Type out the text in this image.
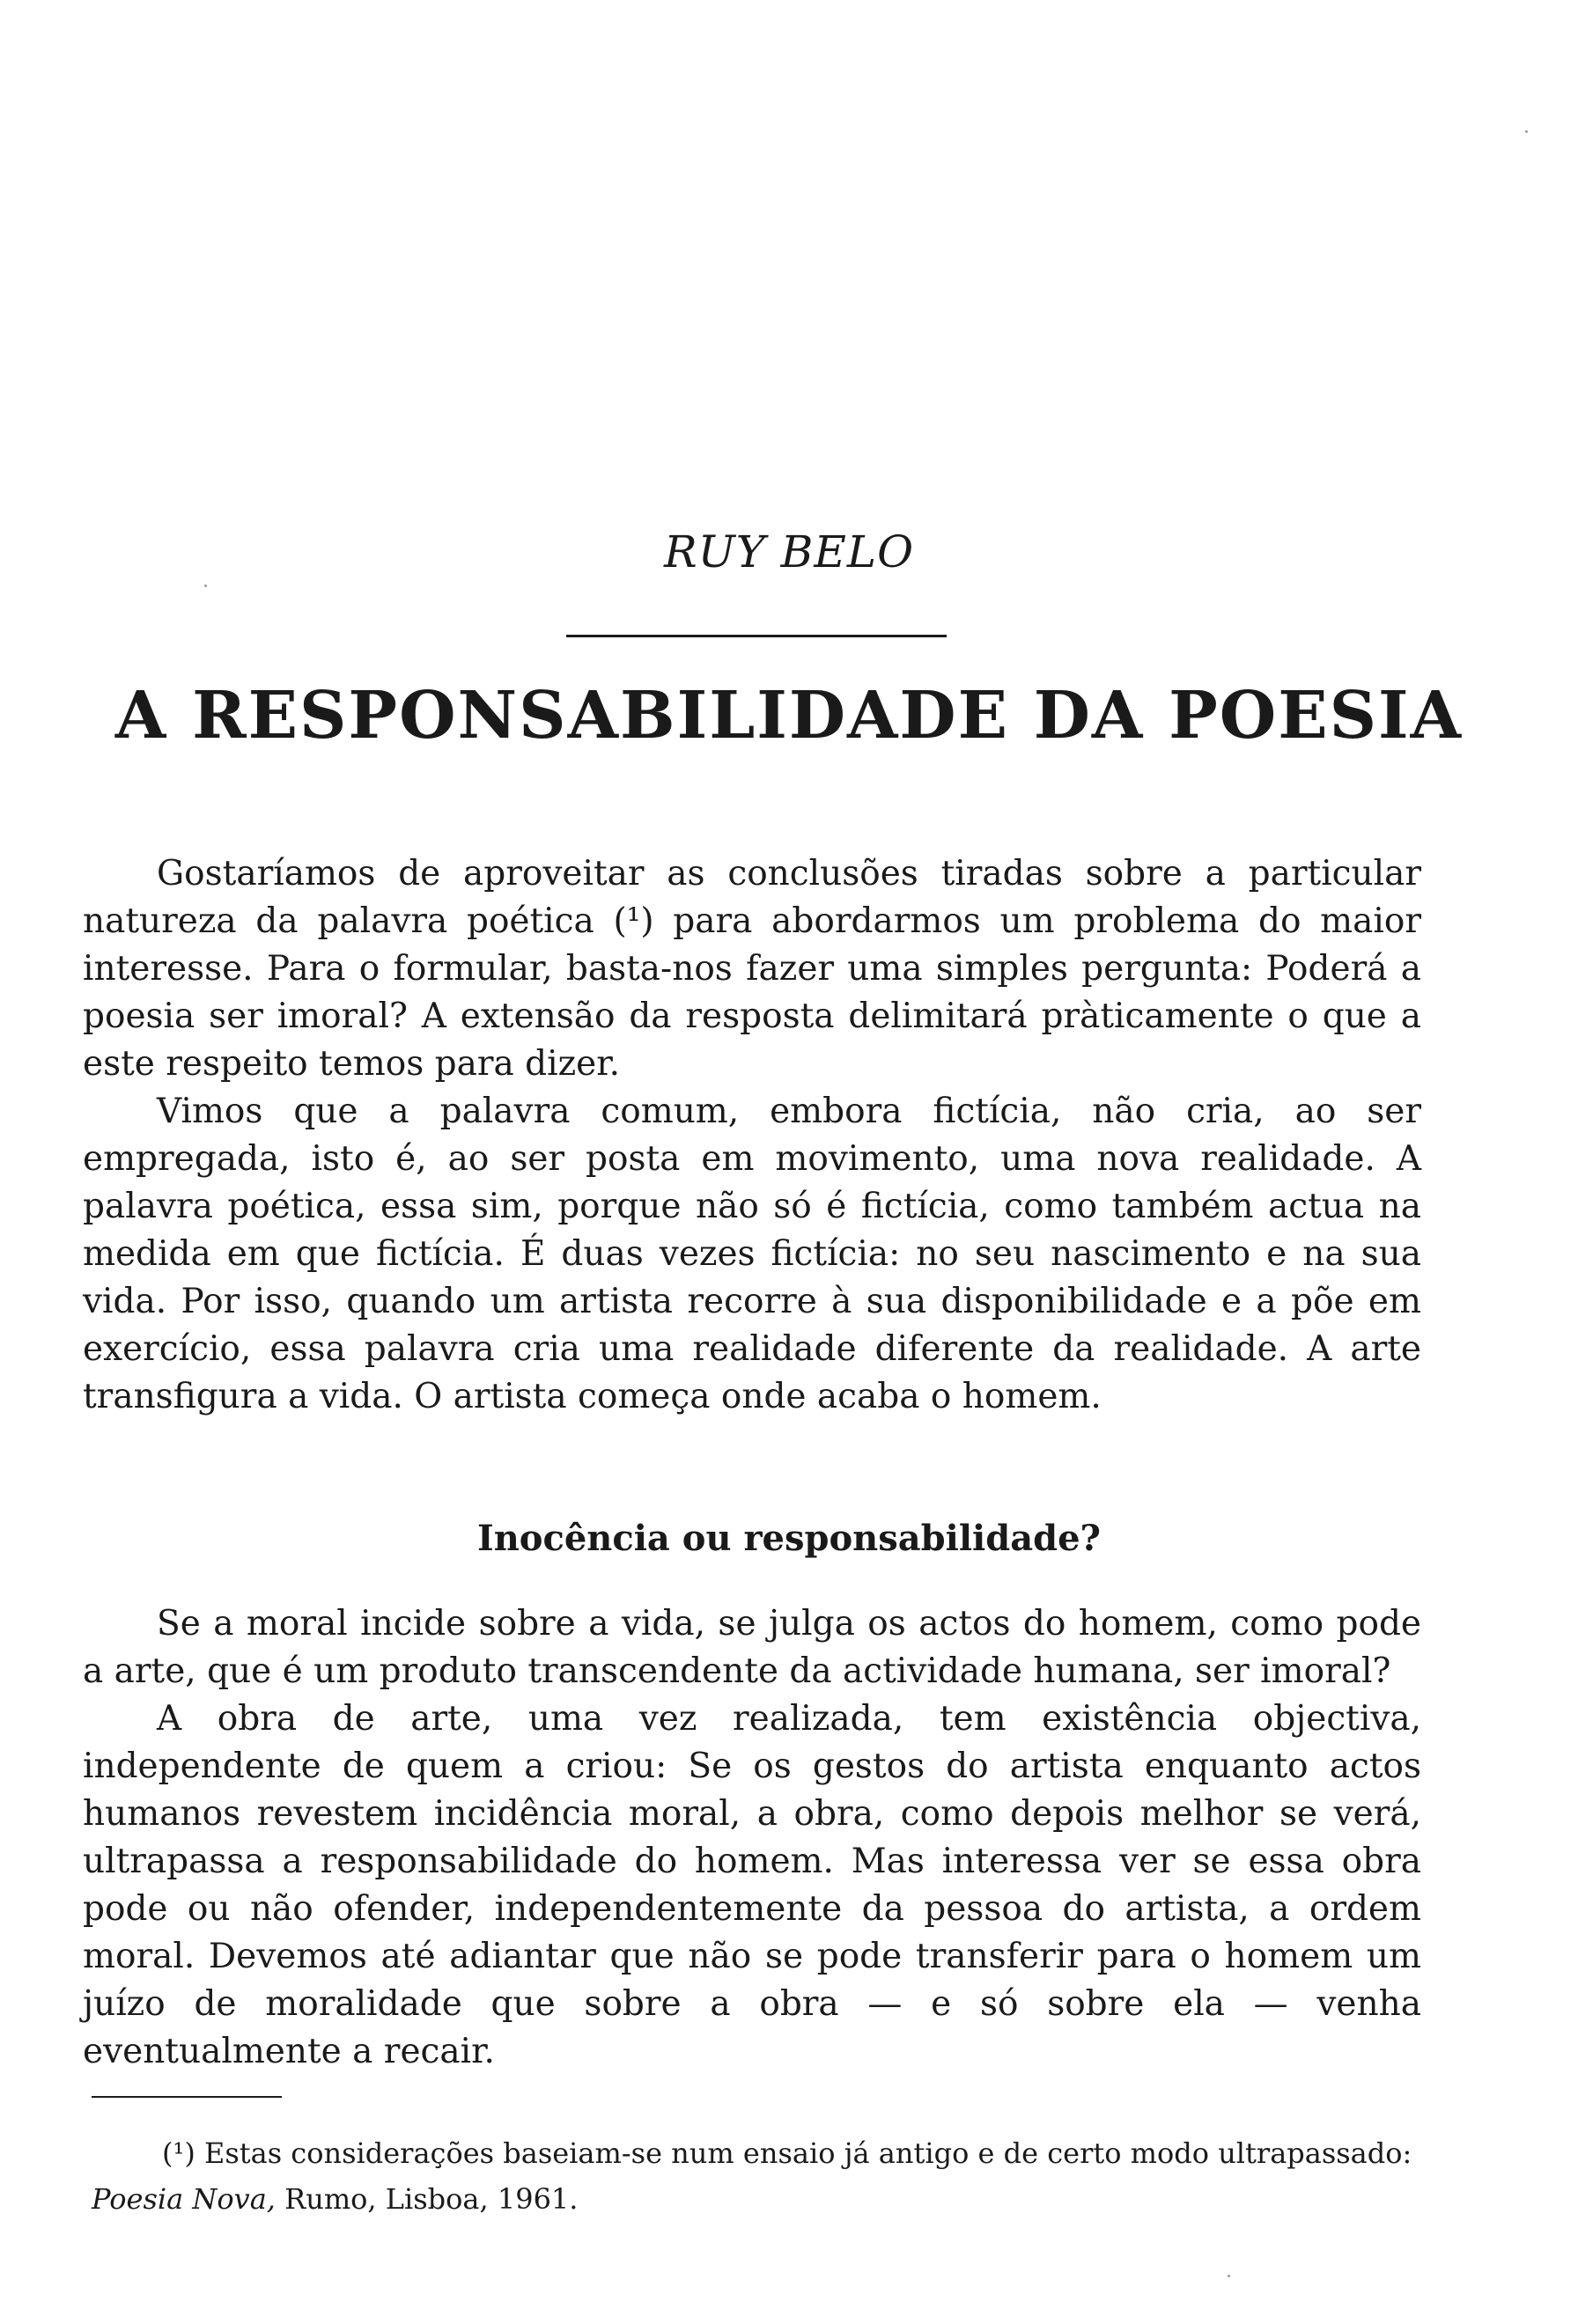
RUY BELO
A RESPONSABILIDADE DA POESIA

Gostaríamos de aproveitar as conclusões tiradas sobre a particular natureza da palavra poética (¹) para abordarmos um problema do maior interesse. Para o formular, basta-nos fazer uma simples pergunta: Poderá a poesia ser imoral? A extensão da resposta delimitará pràticamente o que a este respeito temos para dizer.

Vimos que a palavra comum, embora fictícia, não cria, ao ser empregada, isto é, ao ser posta em movimento, uma nova realidade. A palavra poética, essa sim, porque não só é fictícia, como também actua na medida em que fictícia. É duas vezes fictícia: no seu nascimento e na sua vida. Por isso, quando um artista recorre à sua disponibilidade e a põe em exercício, essa palavra cria uma realidade diferente da realidade. A arte transfigura a vida. O artista começa onde acaba o homem.

Inocência ou responsabilidade?

Se a moral incide sobre a vida, se julga os actos do homem, como pode a arte, que é um produto transcendente da actividade humana, ser imoral?

A obra de arte, uma vez realizada, tem existência objectiva, independente de quem a criou: Se os gestos do artista enquanto actos humanos revestem incidência moral, a obra, como depois melhor se verá, ultrapassa a responsabilidade do homem. Mas interessa ver se essa obra pode ou não ofender, independentemente da pessoa do artista, a ordem moral. Devemos até adiantar que não se pode transferir para o homem um juízo de moralidade que sobre a obra — e só sobre ela — venha eventualmente a recair.

(¹) Estas considerações baseiam-se num ensaio já antigo e de certo modo ultrapassado:

Poesia Nova, Rumo, Lisboa, 1961.
